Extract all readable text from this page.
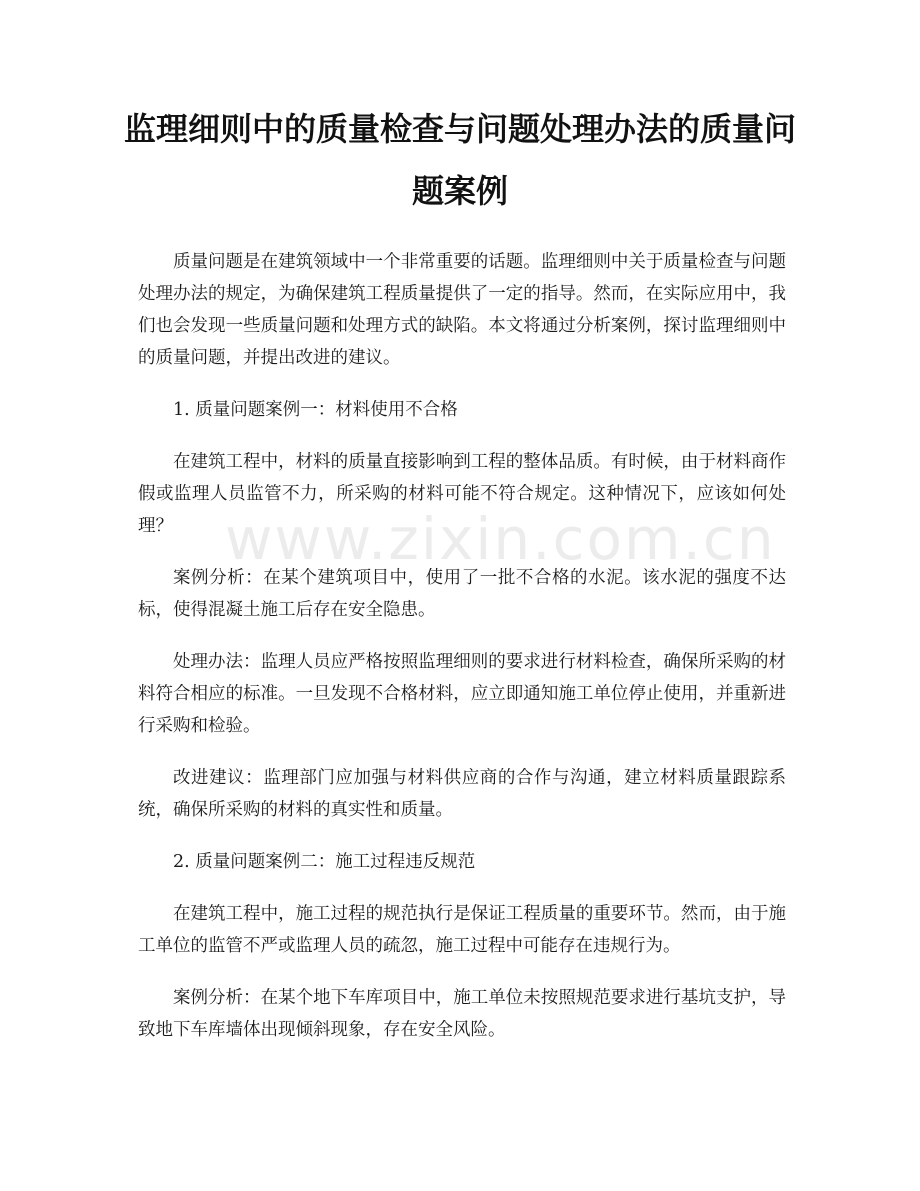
监理细则中的质量检查与问题处理办法的质量问题案例

质量问题是在建筑领域中一个非常重要的话题。监理细则中关于质量检查与问题处理办法的规定，为确保建筑工程质量提供了一定的指导。然而，在实际应用中，我们也会发现一些质量问题和处理方式的缺陷。本文将通过分析案例，探讨监理细则中的质量问题，并提出改进的建议。

1. 质量问题案例一：材料使用不合格

在建筑工程中，材料的质量直接影响到工程的整体品质。有时候，由于材料商作假或监理人员监管不力，所采购的材料可能不符合规定。这种情况下，应该如何处理？

案例分析：在某个建筑项目中，使用了一批不合格的水泥。该水泥的强度不达标，使得混凝土施工后存在安全隐患。

处理办法：监理人员应严格按照监理细则的要求进行材料检查，确保所采购的材料符合相应的标准。一旦发现不合格材料，应立即通知施工单位停止使用，并重新进行采购和检验。

改进建议：监理部门应加强与材料供应商的合作与沟通，建立材料质量跟踪系统，确保所采购的材料的真实性和质量。

2. 质量问题案例二：施工过程违反规范

在建筑工程中，施工过程的规范执行是保证工程质量的重要环节。然而，由于施工单位的监管不严或监理人员的疏忽，施工过程中可能存在违规行为。

案例分析：在某个地下车库项目中，施工单位未按照规范要求进行基坑支护，导致地下车库墙体出现倾斜现象，存在安全风险。

www.zixin.com.cn
